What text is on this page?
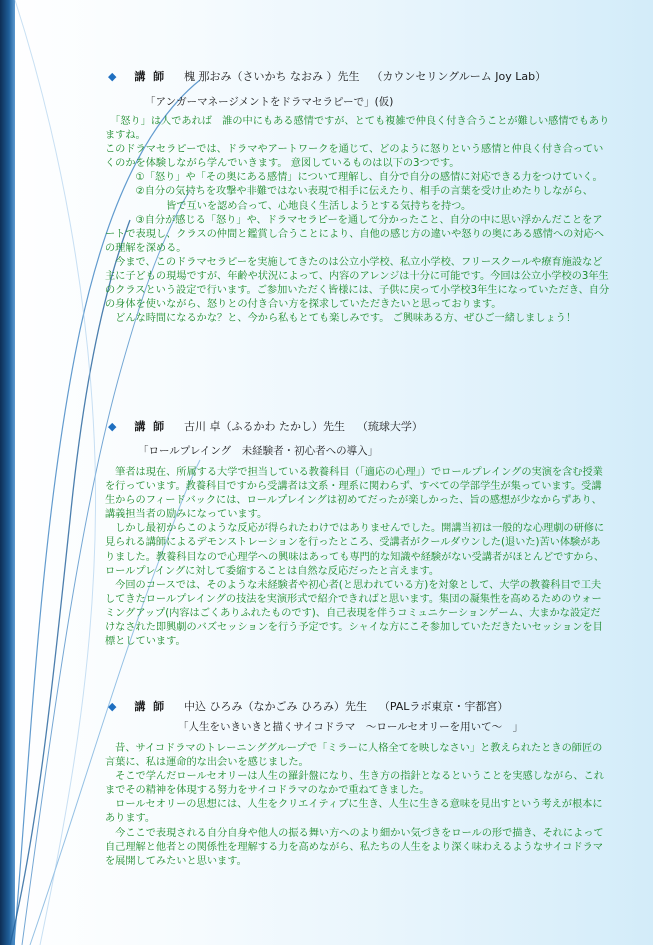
◆ 講 師 槐 那おみ（さいかち なおみ ）先生 （カウンセリングルーム Joy Lab）
「アンガーマネージメントをドラマセラピーで」(仮)

　「怒り」は人であれば　誰の中にもある感情ですが、とても複雑で仲良く付き合うことが難しい感情でもありますね。

このドラマセラピーでは、ドラマやアートワークを通じて、どのように怒りという感情と仲良く付き合っていくのかを体験しながら学んでいきます。 意図しているものは以下の3つです。

　　　①「怒り」や「その奥にある感情」について理解し、自分で自分の感情に対応できる力をつけていく。

　　　②自分の気持ちを攻撃や非難ではない表現で相手に伝えたり、相手の言葉を受け止めたりしながら、

　　　　　　皆で互いを認め合って、心地良く生活しようとする気持ちを持つ。

　　　③自分が感じる「怒り」や、ドラマセラピーを通して分かったこと、自分の中に思い浮かんだことをアートで表現し、クラスの仲間と鑑賞し合うことにより、自他の感じ方の違いや怒りの奥にある感情への対応への理解を深める。

　今まで、このドラマセラピーを実施してきたのは公立小学校、私立小学校、フリースクールや療育施設など主に子どもの現場ですが、年齢や状況によって、内容のアレンジは十分に可能です。今回は公立小学校の3年生のクラスという設定で行います。ご参加いただく皆様には、子供に戻って小学校3年生になっていただき、自分の身体を使いながら、怒りとの付き合い方を探求していただきたいと思っております。

　どんな時間になるかな？と、今から私もとても楽しみです。 ご興味ある方、ぜひご一緒しましょう！

◆ 講 師 古川 卓（ふるかわ たかし）先生 （琉球大学）
「ロールプレイング　未経験者・初心者への導入」

　筆者は現在、所属する大学で担当している教養科目（「適応の心理」）でロールプレイングの実演を含む授業を行っています。教養科目ですから受講者は文系・理系に関わらず、すべての学部学生が集っています。受講生からのフィードバックには、ロールプレイングは初めてだったが楽しかった、旨の感想が少なからずあり、講義担当者の励みになっています。

　しかし最初からこのような反応が得られたわけではありませんでした。開講当初は一般的な心理劇の研修に見られる講師によるデモンストレーションを行ったところ、受講者がクールダウンした(退いた)苦い体験がありました。教養科目なので心理学への興味はあっても専門的な知識や経験がない受講者がほとんどですから、ロールプレイングに対して委縮することは自然な反応だったと言えます。

　今回のコースでは、そのような未経験者や初心者(と思われている方)を対象として、大学の教養科目で工夫してきたロールプレイングの技法を実演形式で紹介できればと思います。集団の凝集性を高めるためのウォーミングアップ(内容はごくありふれたものです)、自己表現を伴うコミュニケーションゲーム、大まかな設定だけなされた即興劇のバズセッションを行う予定です。シャイな方にこそ参加していただきたいセッションを目標としています。

◆ 講 師 中込 ひろみ（なかごみ ひろみ）先生 （PALラボ東京・宇都宮）
「人生をいきいきと描くサイコドラマ　～ロールセオリーを用いて～　」

　昔、サイコドラマのトレーニンググループで「ミラーに人格全てを映しなさい」と教えられたときの師匠の言葉に、私は運命的な出会いを感じました。

　そこで学んだロールセオリーは人生の羅針盤になり、生き方の指針となるということを実感しながら、これまでその精神を体現する努力をサイコドラマのなかで重ねてきました。

　ロールセオリーの思想には、人生をクリエイティブに生き、人生に生きる意味を見出すという考えが根本にあります。

　今ここで表現される自分自身や他人の振る舞い方へのより細かい気づきをロールの形で描き、それによって自己理解と他者との関係性を理解する力を高めながら、私たちの人生をより深く味わえるようなサイコドラマを展開してみたいと思います。
